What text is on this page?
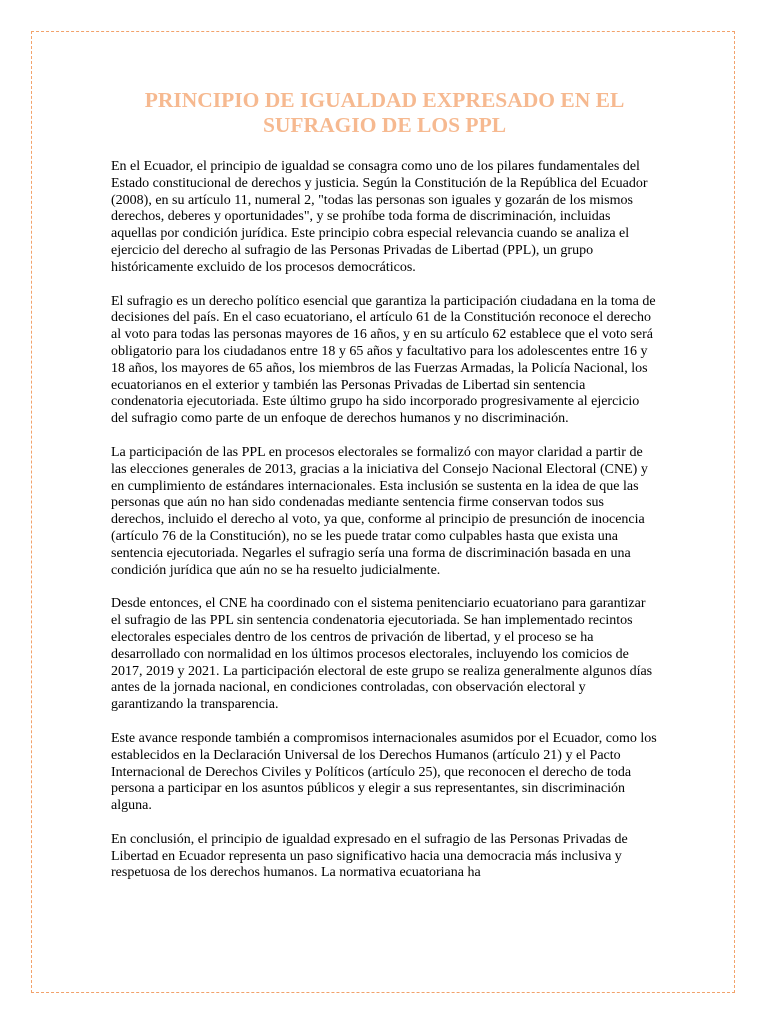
PRINCIPIO DE IGUALDAD EXPRESADO EN EL SUFRAGIO DE LOS PPL

En el Ecuador, el principio de igualdad se consagra como uno de los pilares fundamentales del Estado constitucional de derechos y justicia. Según la Constitución de la República del Ecuador (2008), en su artículo 11, numeral 2, "todas las personas son iguales y gozarán de los mismos derechos, deberes y oportunidades", y se prohíbe toda forma de discriminación, incluidas aquellas por condición jurídica. Este principio cobra especial relevancia cuando se analiza el ejercicio del derecho al sufragio de las Personas Privadas de Libertad (PPL), un grupo históricamente excluido de los procesos democráticos.

El sufragio es un derecho político esencial que garantiza la participación ciudadana en la toma de decisiones del país. En el caso ecuatoriano, el artículo 61 de la Constitución reconoce el derecho al voto para todas las personas mayores de 16 años, y en su artículo 62 establece que el voto será obligatorio para los ciudadanos entre 18 y 65 años y facultativo para los adolescentes entre 16 y 18 años, los mayores de 65 años, los miembros de las Fuerzas Armadas, la Policía Nacional, los ecuatorianos en el exterior y también las Personas Privadas de Libertad sin sentencia condenatoria ejecutoriada. Este último grupo ha sido incorporado progresivamente al ejercicio del sufragio como parte de un enfoque de derechos humanos y no discriminación.

La participación de las PPL en procesos electorales se formalizó con mayor claridad a partir de las elecciones generales de 2013, gracias a la iniciativa del Consejo Nacional Electoral (CNE) y en cumplimiento de estándares internacionales. Esta inclusión se sustenta en la idea de que las personas que aún no han sido condenadas mediante sentencia firme conservan todos sus derechos, incluido el derecho al voto, ya que, conforme al principio de presunción de inocencia (artículo 76 de la Constitución), no se les puede tratar como culpables hasta que exista una sentencia ejecutoriada. Negarles el sufragio sería una forma de discriminación basada en una condición jurídica que aún no se ha resuelto judicialmente.

Desde entonces, el CNE ha coordinado con el sistema penitenciario ecuatoriano para garantizar el sufragio de las PPL sin sentencia condenatoria ejecutoriada. Se han implementado recintos electorales especiales dentro de los centros de privación de libertad, y el proceso se ha desarrollado con normalidad en los últimos procesos electorales, incluyendo los comicios de 2017, 2019 y 2021. La participación electoral de este grupo se realiza generalmente algunos días antes de la jornada nacional, en condiciones controladas, con observación electoral y garantizando la transparencia.

Este avance responde también a compromisos internacionales asumidos por el Ecuador, como los establecidos en la Declaración Universal de los Derechos Humanos (artículo 21) y el Pacto Internacional de Derechos Civiles y Políticos (artículo 25), que reconocen el derecho de toda persona a participar en los asuntos públicos y elegir a sus representantes, sin discriminación alguna.

En conclusión, el principio de igualdad expresado en el sufragio de las Personas Privadas de Libertad en Ecuador representa un paso significativo hacia una democracia más inclusiva y respetuosa de los derechos humanos. La normativa ecuatoriana ha
